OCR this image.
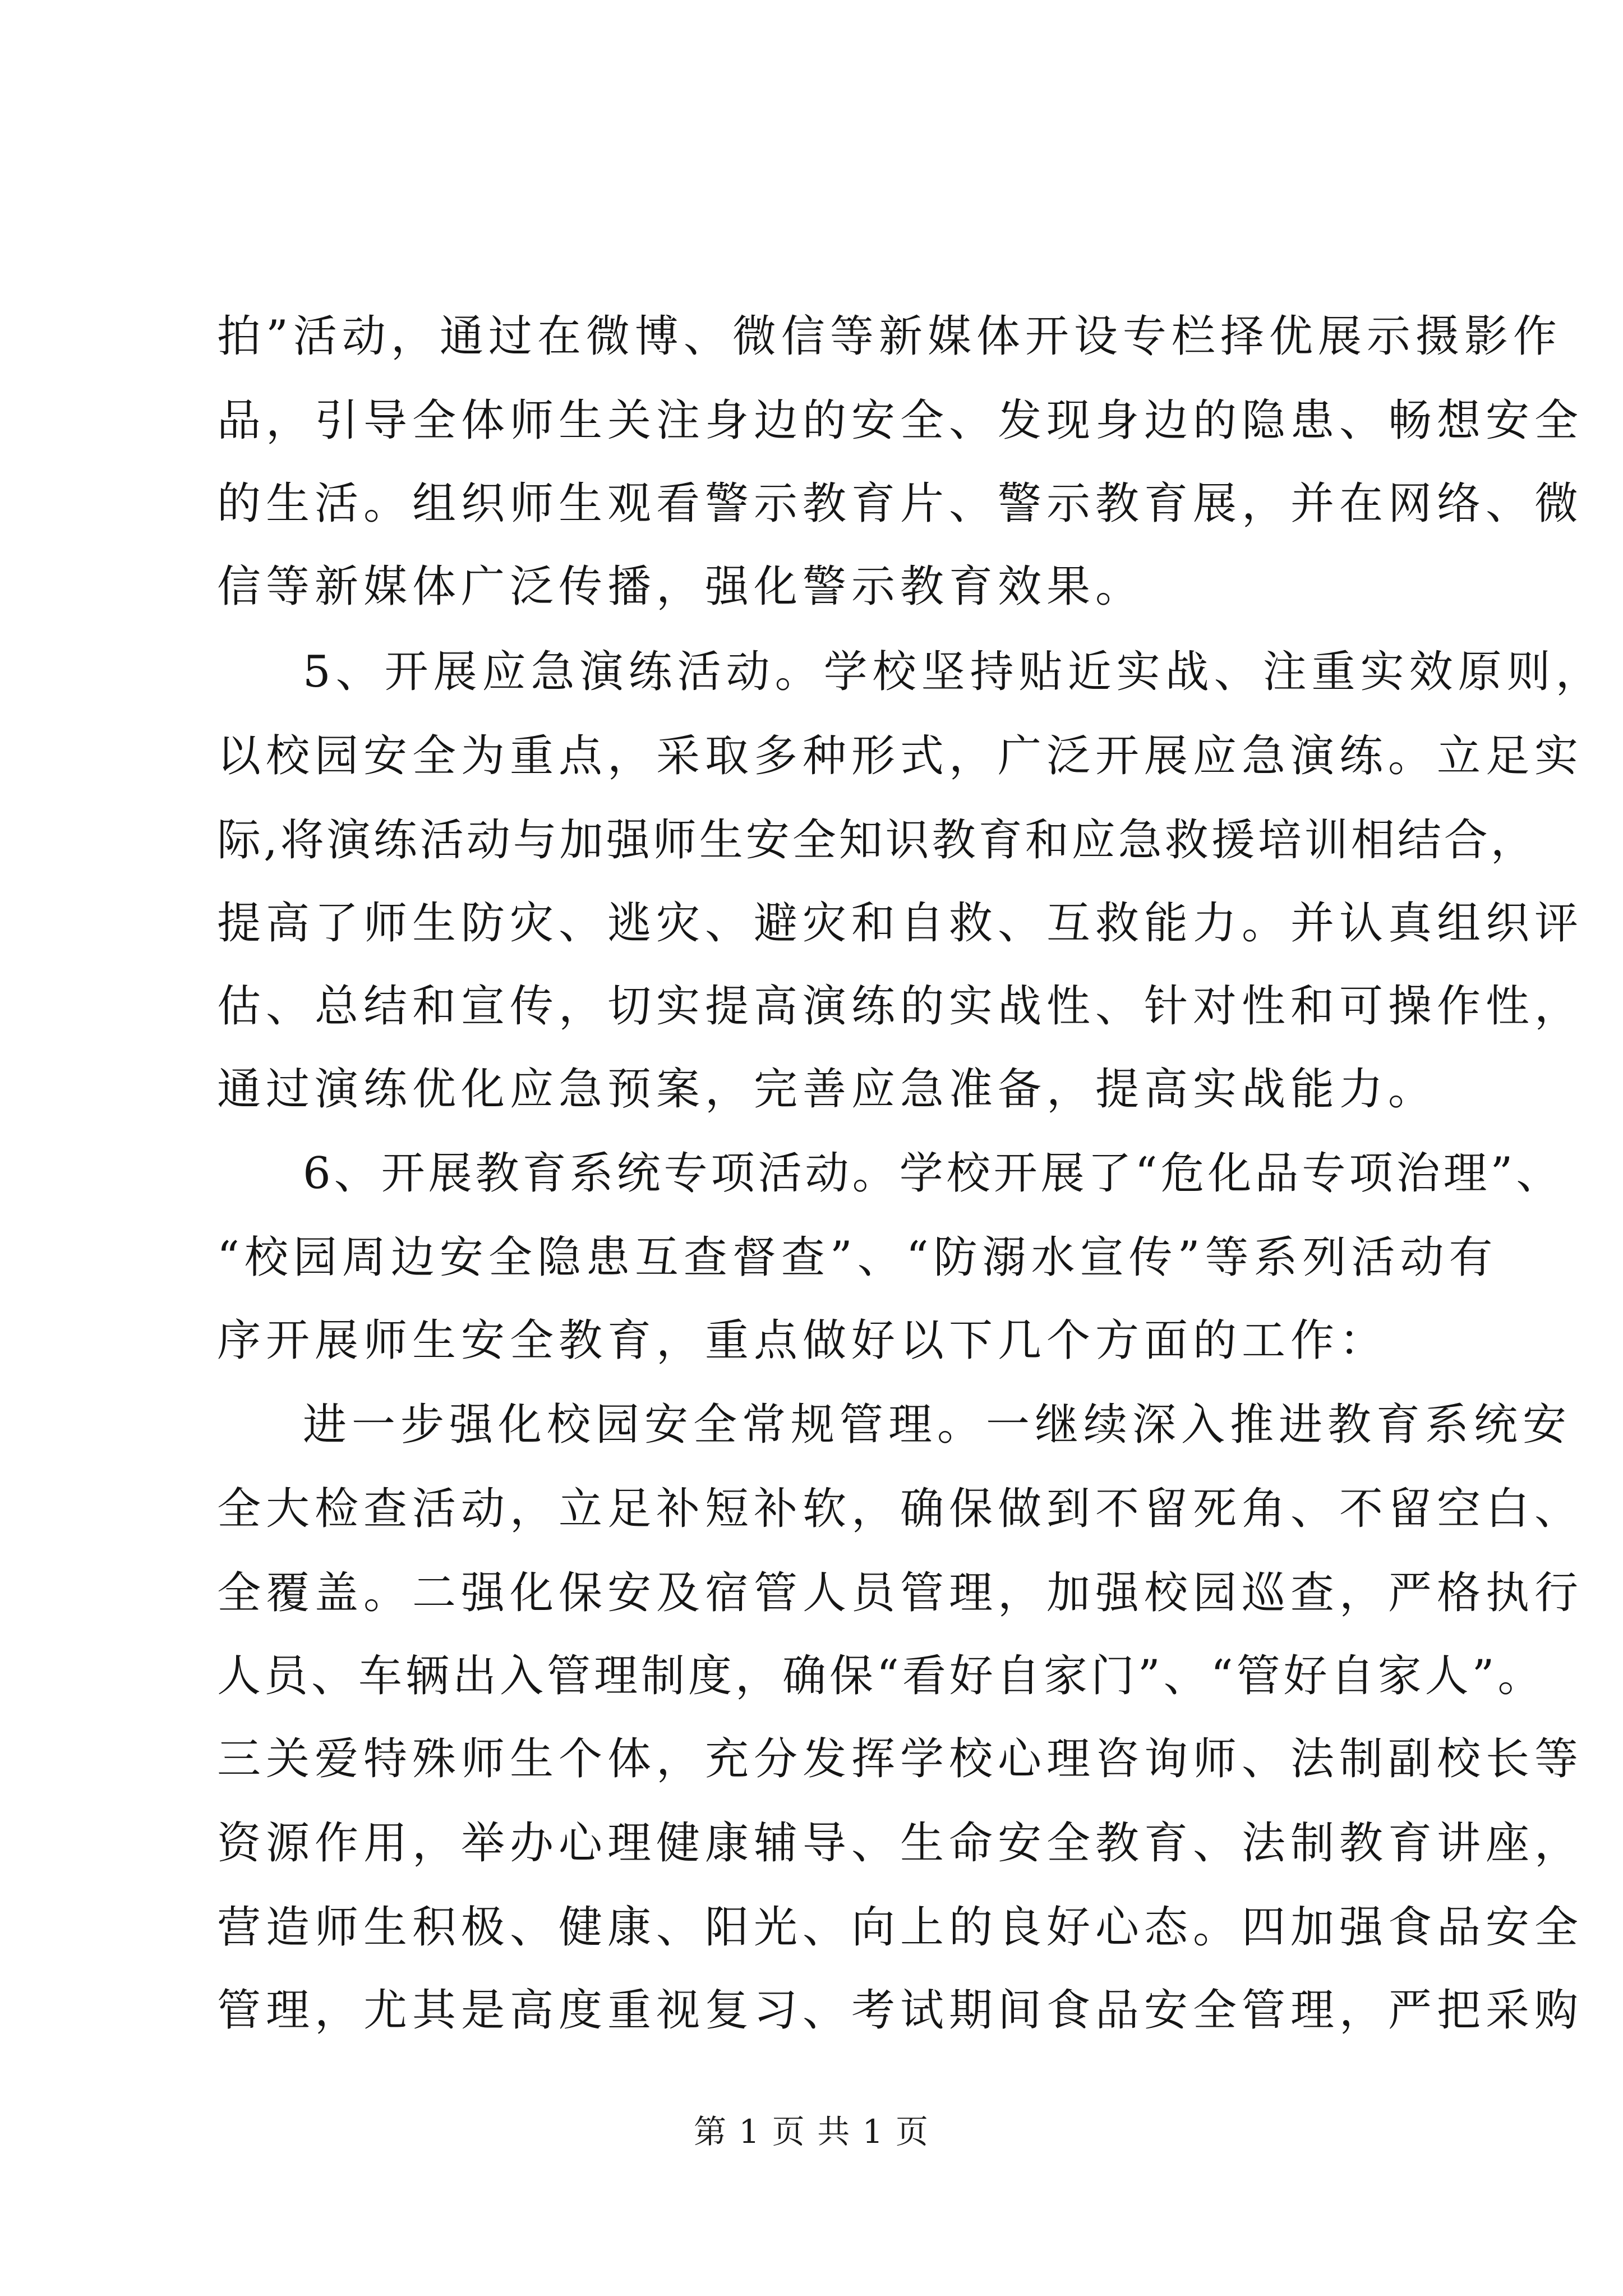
拍”活动，通过在微博、微信等新媒体开设专栏择优展示摄影作

品，引导全体师生关注身边的安全、发现身边的隐患、畅想安全

的生活。组织师生观看警示教育片、警示教育展，并在网络、微

信等新媒体广泛传播，强化警示教育效果。

5、开展应急演练活动。学校坚持贴近实战、注重实效原则，

以校园安全为重点，采取多种形式，广泛开展应急演练。立足实

际,将演练活动与加强师生安全知识教育和应急救援培训相结合，

提高了师生防灾、逃灾、避灾和自救、互救能力。并认真组织评

估、总结和宣传，切实提高演练的实战性、针对性和可操作性，

通过演练优化应急预案，完善应急准备，提高实战能力。

6、开展教育系统专项活动。学校开展了“危化品专项治理”、

“校园周边安全隐患互查督查”、“防溺水宣传”等系列活动有

序开展师生安全教育，重点做好以下几个方面的工作：

进一步强化校园安全常规管理。一继续深入推进教育系统安

全大检查活动，立足补短补软，确保做到不留死角、不留空白、

全覆盖。二强化保安及宿管人员管理，加强校园巡查，严格执行

人员、车辆出入管理制度，确保“看好自家门”、“管好自家人”。

三关爱特殊师生个体，充分发挥学校心理咨询师、法制副校长等

资源作用，举办心理健康辅导、生命安全教育、法制教育讲座，

营造师生积极、健康、阳光、向上的良好心态。四加强食品安全

管理，尤其是高度重视复习、考试期间食品安全管理，严把采购

第 1 页 共 1 页
